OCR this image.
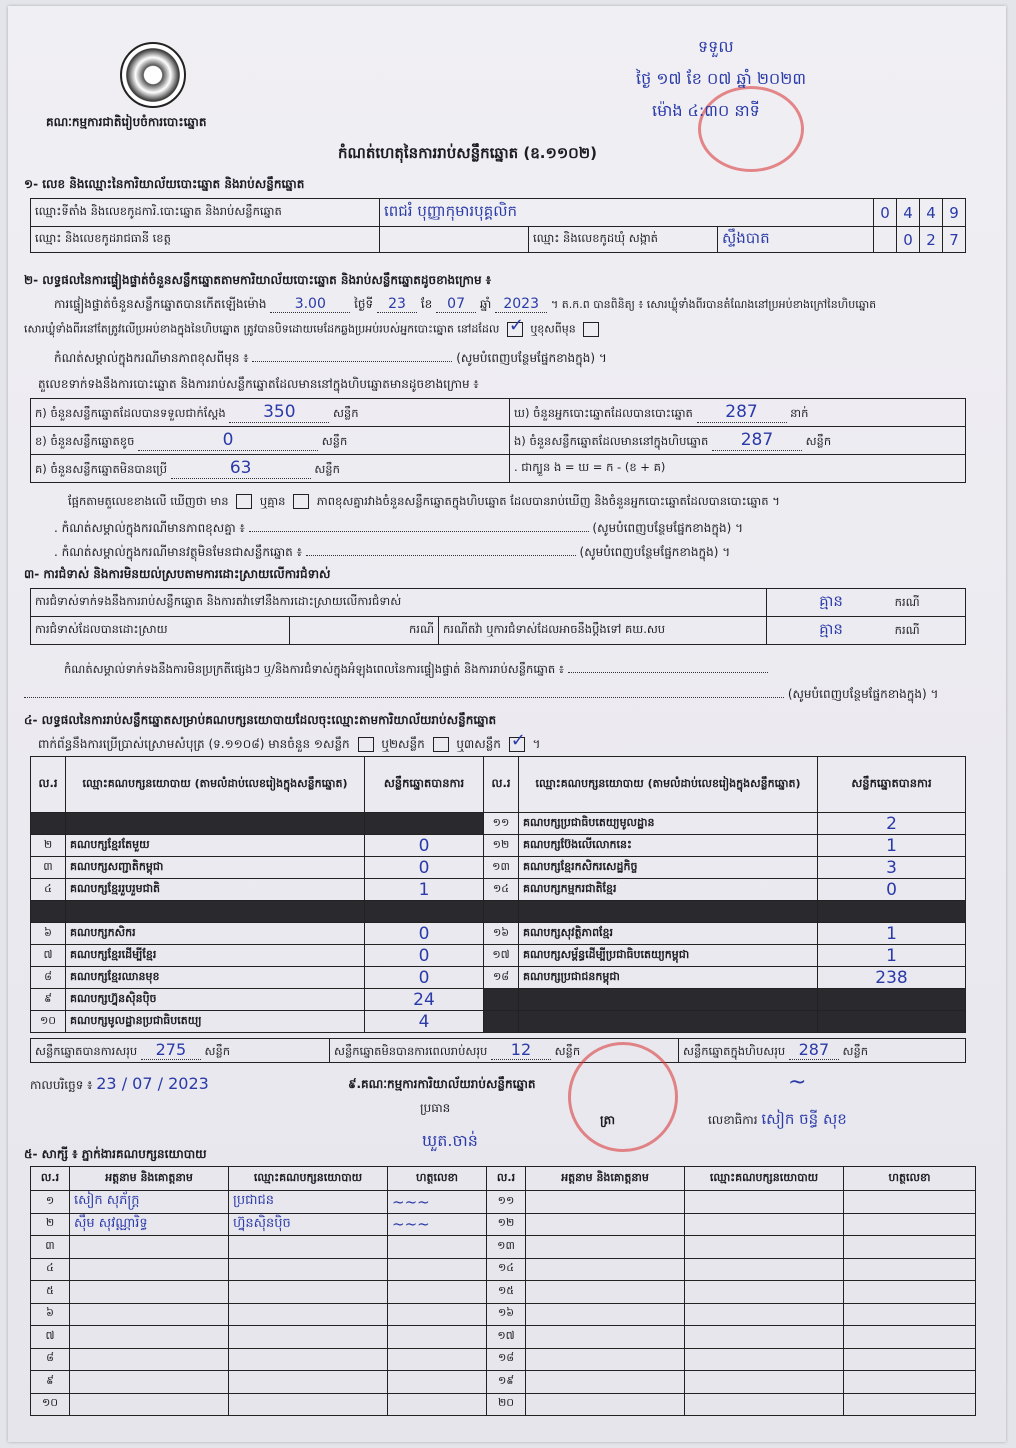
គណៈកម្មការជាតិរៀបចំការបោះឆ្នោត
កំណត់ហេតុនៃការរាប់សន្លឹកឆ្នោត (ឧ.១១០២)
ទទួល
ថ្ងៃ ១៧ ខែ ០៧ ឆ្នាំ ២០២៣
ម៉ោង ៤:៣០ នាទី
១- លេខ និងឈ្មោះនៃការិយាល័យបោះឆ្នោត និងរាប់សន្លឹកឆ្នោត
ឈ្មោះទីតាំង និងលេខកូដការិ.បោះឆ្នោត និងរាប់សន្លឹកឆ្នោត	ពេជរំ បុញ្ញាកុមារបុគ្គលិក			0	4	4	9
ឈ្មោះ និងលេខកូដរាជធានី ខេត្ត		ឈ្មោះ និងលេខកូដឃុំ សង្កាត់	ស្ទឹងបាត		0	2	7
២- លទ្ធផលនៃការផ្ទៀងផ្ទាត់ចំនួនសន្លឹកឆ្នោតតាមការិយាល័យបោះឆ្នោត និងរាប់សន្លឹកឆ្នោតដូចខាងក្រោម ៖
ការផ្ទៀងផ្ទាត់ចំនួនសន្លឹកឆ្នោតបានកើតឡើងម៉ោង 3.00 ថ្ងៃទី 23 ខែ 07 ឆ្នាំ 2023 ។ ត.ក.ព បានពិនិត្យ ៖ សោរឃ្លុំទាំងពីរបានតំណែងនៅប្រអប់ខាងក្រៅនៃហិបឆ្នោត
សោរឃ្លុំទាំងពីរនៅតែត្រូវលើប្រអប់ខាងក្នុងនៃហិបឆ្នោត ត្រូវបានបិទដោយមេដែកឆ្លងប្រអប់របស់អ្នកបោះឆ្នោត នៅដដែល ✓	ឬខុសពីមុន
កំណត់សម្គាល់ក្នុងករណីមានភាពខុសពីមុន ៖	(សូមបំពេញបន្ថែមផ្នែកខាងក្នុង) ។
តួលេខទាក់ទងនឹងការបោះឆ្នោត និងការរាប់សន្លឹកឆ្នោតដែលមាននៅក្នុងហិបឆ្នោតមានដូចខាងក្រោម ៖
ក) ចំនួនសន្លឹកឆ្នោតដែលបានទទួលជាក់ស្តែង 350 សន្លឹក	ឃ) ចំនួនអ្នកបោះឆ្នោតដែលបានបោះឆ្នោត 287 នាក់
ខ) ចំនួនសន្លឹកឆ្នោតខូច 0 សន្លឹក	ង) ចំនួនសន្លឹកឆ្នោតដែលមាននៅក្នុងហិបឆ្នោត 287 សន្លឹក
គ) ចំនួនសន្លឹកឆ្នោតមិនបានប្រើ 63 សន្លឹក	. ជាក្បួន ង = ឃ = ក - (ខ + គ)
ផ្អែកតាមតួលេខខាងលើ ឃើញថា មាន	ឬគ្មាន	ភាពខុសគ្នារវាងចំនួនសន្លឹកឆ្នោតក្នុងហិបឆ្នោត ដែលបានរាប់ឃើញ និងចំនួនអ្នកបោះឆ្នោតដែលបានបោះឆ្នោត ។
. កំណត់សម្គាល់ក្នុងករណីមានភាពខុសគ្នា ៖	(សូមបំពេញបន្ថែមផ្នែកខាងក្នុង) ។
. កំណត់សម្គាល់ក្នុងករណីមានវត្ថុមិនមែនជាសន្លឹកឆ្នោត ៖	(សូមបំពេញបន្ថែមផ្នែកខាងក្នុង) ។
៣- ការជំទាស់ និងការមិនយល់ស្របតាមការដោះស្រាយលើការជំទាស់
ការជំទាស់ទាក់ទងនឹងការរាប់សន្លឹកឆ្នោត និងការតវ៉ាទៅនឹងការដោះស្រាយលើការជំទាស់			គ្មាន ករណី
ការជំទាស់ដែលបានដោះស្រាយ	ករណី	ករណីតវ៉ា ឬការជំទាស់ដែលអាចនឹងប្តឹងទៅ គឃ.សប	គ្មាន ករណី
កំណត់សម្គាល់ទាក់ទងនឹងការមិនប្រក្រតីផ្សេងៗ ឬ/និងការជំទាស់ក្នុងអំឡុងពេលនៃការផ្ទៀងផ្ទាត់ និងការរាប់សន្លឹកឆ្នោត ៖
(សូមបំពេញបន្ថែមផ្នែកខាងក្នុង) ។
៤- លទ្ធផលនៃការរាប់សន្លឹកឆ្នោតសម្រាប់គណបក្សនយោបាយដែលចុះឈ្មោះតាមការិយាល័យរាប់សន្លឹកឆ្នោត
ពាក់ព័ន្ធនឹងការប្រើប្រាស់ស្រោមសំបុត្រ (ទ.១១០៨) មានចំនួន ១សន្លឹក	ឬ២សន្លឹក	ឬ៣សន្លឹក ✓	។
ល.រ	ឈ្មោះគណបក្សនយោបាយ (តាមលំដាប់លេខរៀងក្នុងសន្លឹកឆ្នោត)	សន្លឹកឆ្នោតបានការ	ល.រ	ឈ្មោះគណបក្សនយោបាយ (តាមលំដាប់លេខរៀងក្នុងសន្លឹកឆ្នោត)	សន្លឹកឆ្នោតបានការ
			១១	គណបក្សប្រជាធិបតេយ្យមូលដ្ឋាន	2
២	គណបក្សខ្មែរតែមួយ	0	១២	គណបក្សប៊ែងលើលោកនេះ	1
៣	គណបក្សសញ្ជាតិកម្ពុជា	0	១៣	គណបក្សខ្មែរកសិករសេដ្ឋកិច្ច	3
៤	គណបក្សខ្មែររួបរួមជាតិ	1	១៤	គណបក្សកម្មករជាតិខ្មែរ	0

៦	គណបក្សកសិករ	0	១៦	គណបក្សសុវត្ថិភាពខ្មែរ	1
៧	គណបក្សខ្មែរដើម្បីខ្មែរ	0	១៧	គណបក្សសម្ព័ន្ធដើម្បីប្រជាធិបតេយ្យកម្ពុជា	1
៨	គណបក្សខ្មែរឈានមុខ	0	១៨	គណបក្សប្រជាជនកម្ពុជា	238
៩	គណបក្សហ្វ៊ុនស៊ិនប៉ិច	24			
១០	គណបក្សមូលដ្ឋានប្រជាធិបតេយ្យ	4			
សន្លឹកឆ្នោតបានការសរុប 275 សន្លឹក	សន្លឹកឆ្នោតមិនបានការពេលរាប់សរុប 12 សន្លឹក	សន្លឹកឆ្នោតក្នុងហិបសរុប 287 សន្លឹក
កាលបរិច្ឆេទ ៖ 23 / 07 / 2023	៩.គណៈកម្មការការិយាល័យរាប់សន្លឹកឆ្នោត
ប្រធាន
ឃួត.ចាន់
ត្រា
~
លេខាធិការ សៀក ចន្ធី សុខ
៥- សាក្សី ៖ ភ្នាក់ងារគណបក្សនយោបាយ
ល.រ	អត្តនាម និងគោត្តនាម	ឈ្មោះគណបក្សនយោបាយ	ហត្ថលេខា	ល.រ	អត្តនាម និងគោត្តនាម	ឈ្មោះគណបក្សនយោបាយ	ហត្ថលេខា
១	សៀក សុភ័ក្ត្រ	ប្រជាជន	~~~	១១			
២	ស៊ឹម សុវណ្ណារិទ្ធ	ហ្វ៊ុនស៊ិនប៉ិច	~~~	១២			
៣				១៣			
៤				១៤			
៥				១៥			
៦				១៦			
៧				១៧			
៨				១៨			
៩				១៩			
១០				២០			
